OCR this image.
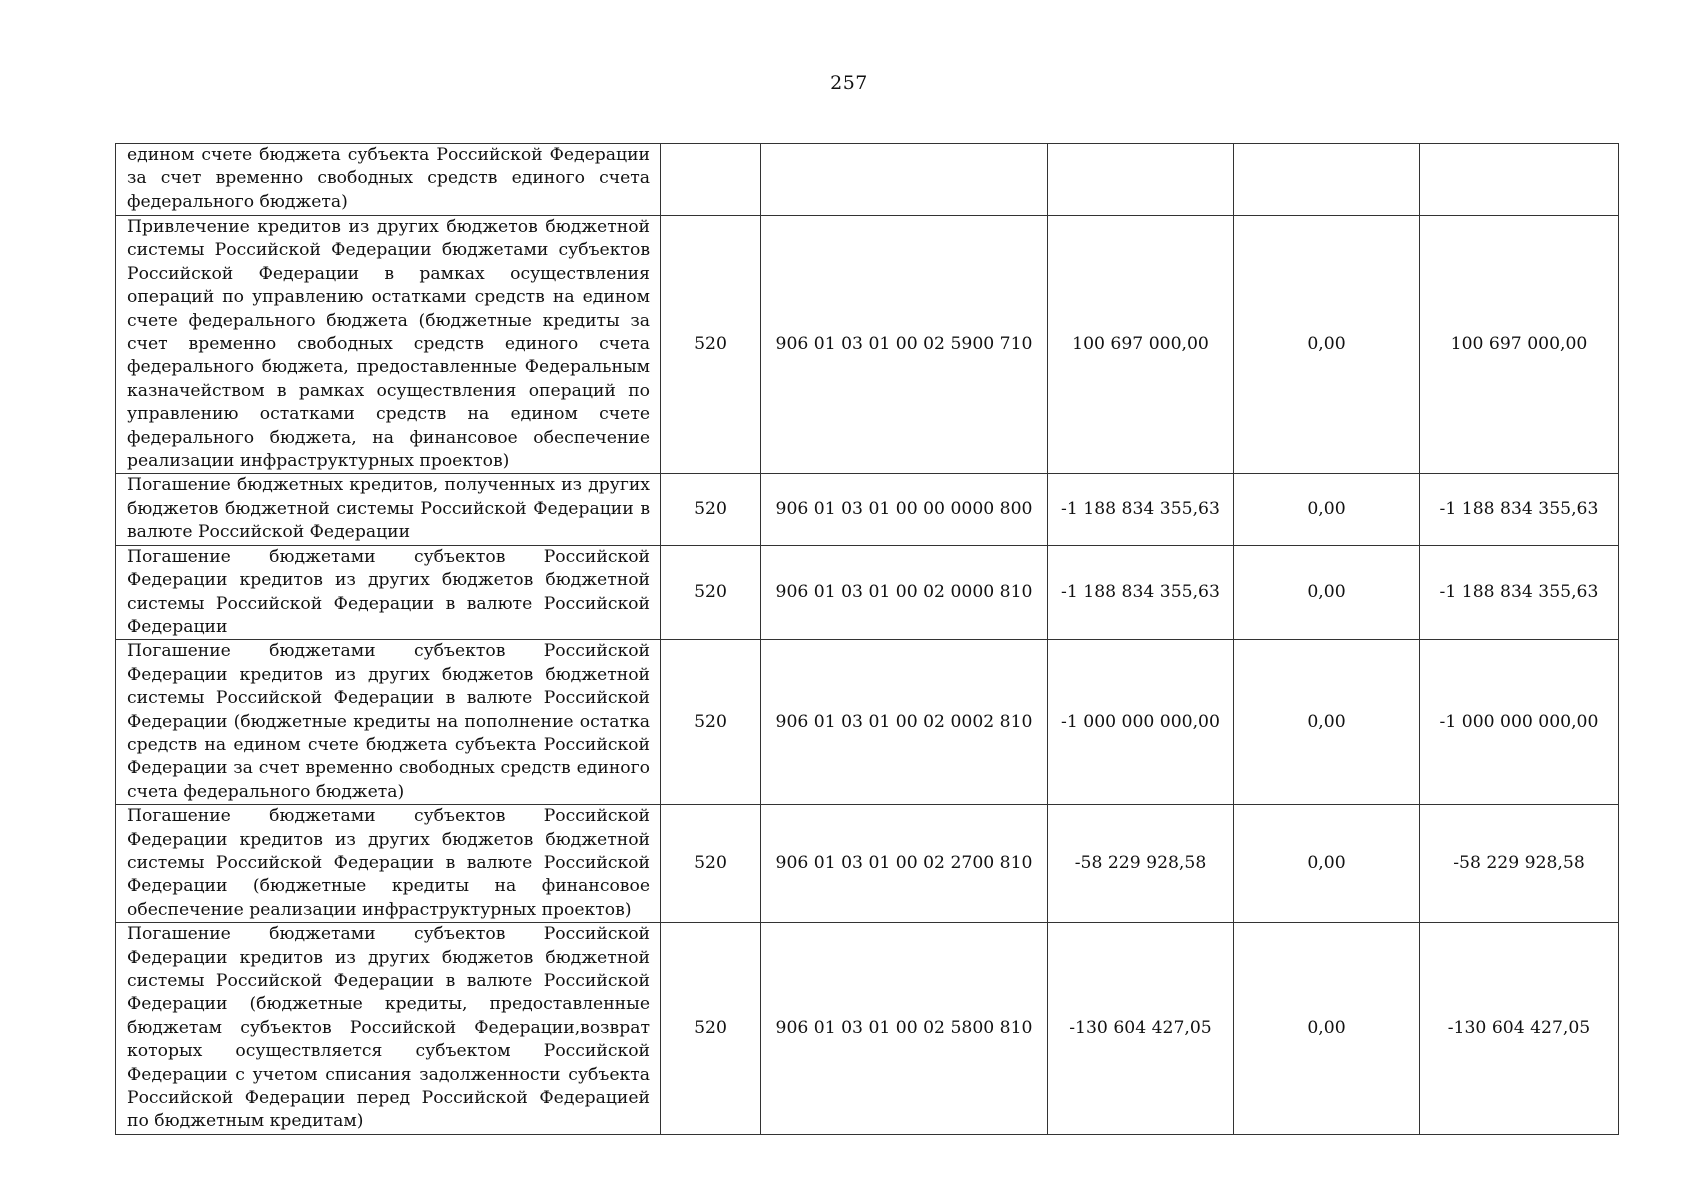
257
едином счете бюджета субъекта Российской Федерации за счет временно свободных средств единого счета федерального бюджета)					
Привлечение кредитов из других бюджетов бюджетной системы Российской Федерации бюджетами субъектов Российской Федерации в рамках осуществления операций по управлению остатками средств на едином счете федерального бюджета (бюджетные кредиты за счет временно свободных средств единого счета федерального бюджета, предоставленные Федеральным казначейством в рамках осуществления операций по управлению остатками средств на едином счете федерального бюджета, на финансовое обеспечение реализации инфраструктурных проектов)	520	906 01 03 01 00 02 5900 710	100 697 000,00	0,00	100 697 000,00
Погашение бюджетных кредитов, полученных из других бюджетов бюджетной системы Российской Федерации в валюте Российской Федерации	520	906 01 03 01 00 00 0000 800	-1 188 834 355,63	0,00	-1 188 834 355,63
Погашение бюджетами субъектов Российской Федерации кредитов из других бюджетов бюджетной системы Российской Федерации в валюте Российской Федерации	520	906 01 03 01 00 02 0000 810	-1 188 834 355,63	0,00	-1 188 834 355,63
Погашение бюджетами субъектов Российской Федерации кредитов из других бюджетов бюджетной системы Российской Федерации в валюте Российской Федерации (бюджетные кредиты на пополнение остатка средств на едином счете бюджета субъекта Российской Федерации за счет временно свободных средств единого счета федерального бюджета)	520	906 01 03 01 00 02 0002 810	-1 000 000 000,00	0,00	-1 000 000 000,00
Погашение бюджетами субъектов Российской Федерации кредитов из других бюджетов бюджетной системы Российской Федерации в валюте Российской Федерации (бюджетные кредиты на финансовое обеспечение реализации инфраструктурных проектов)	520	906 01 03 01 00 02 2700 810	-58 229 928,58	0,00	-58 229 928,58
Погашение бюджетами субъектов Российской Федерации кредитов из других бюджетов бюджетной системы Российской Федерации в валюте Российской Федерации (бюджетные кредиты, предоставленные бюджетам субъектов Российской Федерации,возврат которых осуществляется субъектом Российской Федерации с учетом списания задолженности субъекта Российской Федерации перед Российской Федерацией по бюджетным кредитам)	520	906 01 03 01 00 02 5800 810	-130 604 427,05	0,00	-130 604 427,05
